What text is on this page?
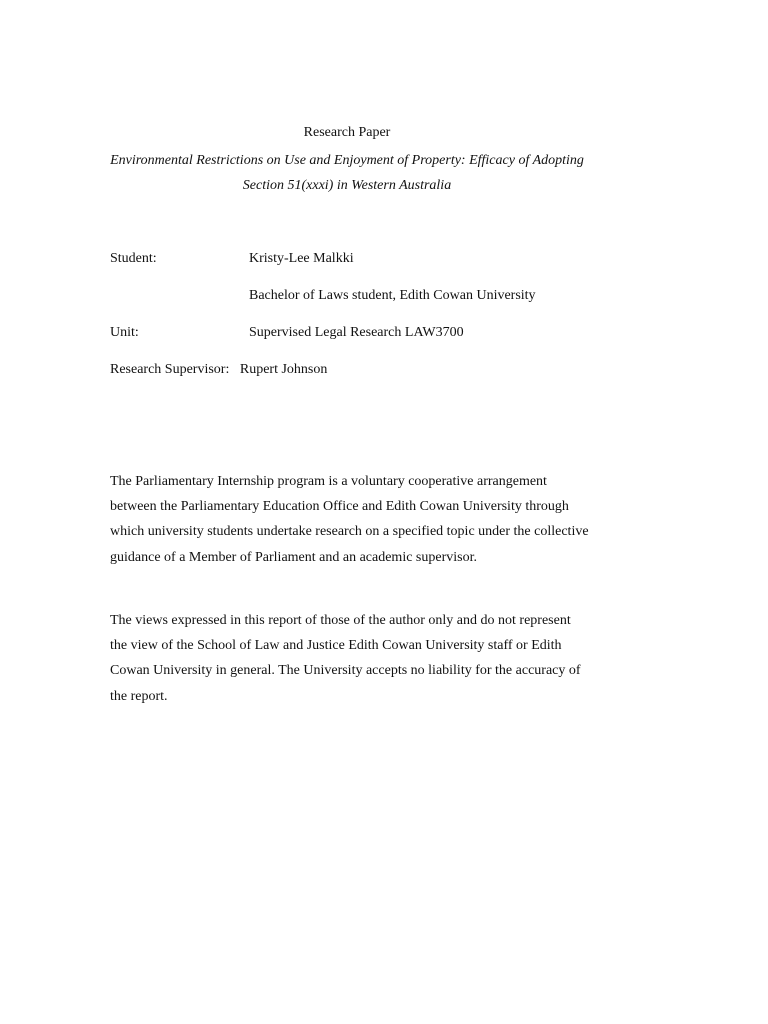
Research Paper
Environmental Restrictions on Use and Enjoyment of Property: Efficacy of Adopting Section 51(xxxi) in Western Australia
Student:	Kristy-Lee Malkki
Bachelor of Laws student, Edith Cowan University
Unit:	Supervised Legal Research LAW3700
Research Supervisor: Rupert Johnson

The Parliamentary Internship program is a voluntary cooperative arrangement between the Parliamentary Education Office and Edith Cowan University through which university students undertake research on a specified topic under the collective guidance of a Member of Parliament and an academic supervisor.

The views expressed in this report of those of the author only and do not represent the view of the School of Law and Justice Edith Cowan University staff or Edith Cowan University in general. The University accepts no liability for the accuracy of the report.
